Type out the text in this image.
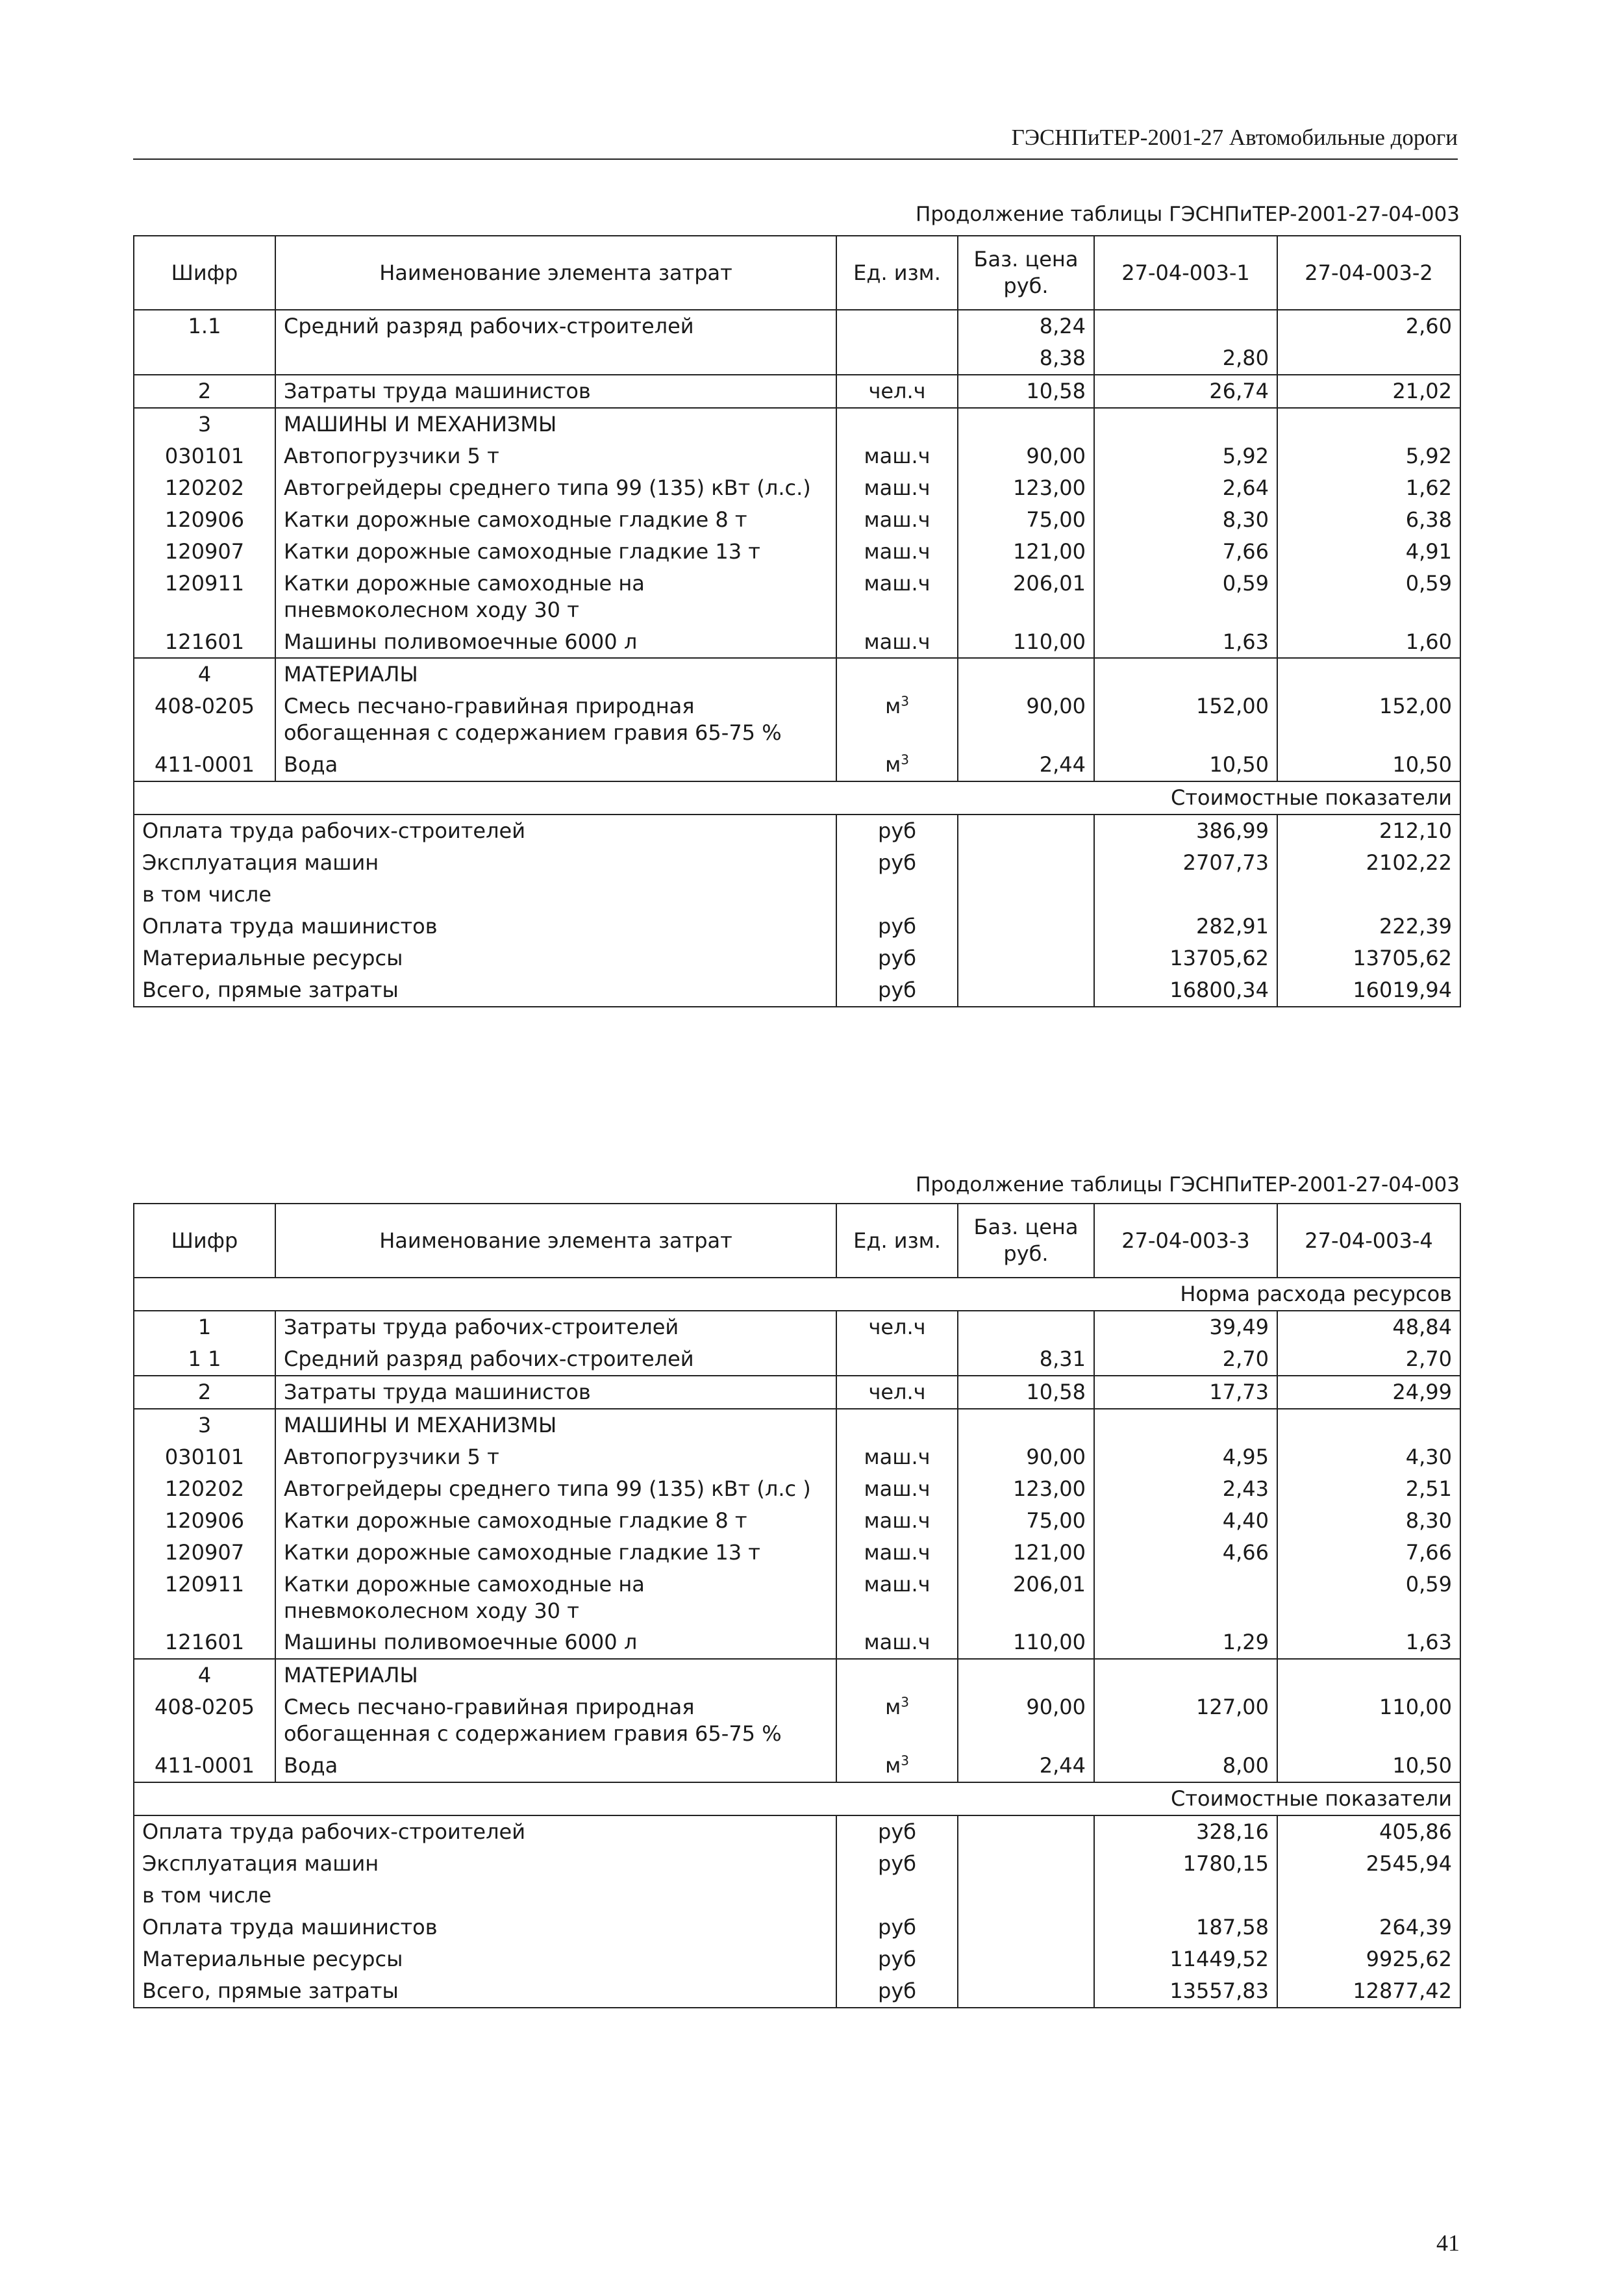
ГЭСНПиТЕР-2001-27 Автомобильные дороги
Продолжение таблицы ГЭСНПиТЕР-2001-27-04-003
Шифр	Наименование элемента затрат	Ед. изм.	Баз. цена руб.	27-04-003-1	27-04-003-2
1.1	Средний разряд рабочих-строителей		8,24		2,60
			8,38	2,80	
2	Затраты труда машинистов	чел.ч	10,58	26,74	21,02
3	МАШИНЫ И МЕХАНИЗМЫ				
030101	Автопогрузчики 5 т	маш.ч	90,00	5,92	5,92
120202	Автогрейдеры среднего типа 99 (135) кВт (л.с.)	маш.ч	123,00	2,64	1,62
120906	Катки дорожные самоходные гладкие 8 т	маш.ч	75,00	8,30	6,38
120907	Катки дорожные самоходные гладкие 13 т	маш.ч	121,00	7,66	4,91
120911	Катки дорожные самоходные на пневмоколесном ходу 30 т	маш.ч	206,01	0,59	0,59
121601	Машины поливомоечные 6000 л	маш.ч	110,00	1,63	1,60
4	МАТЕРИАЛЫ				
408-0205	Смесь песчано-гравийная природная обогащенная с содержанием гравия 65-75 %	$м^3$	90,00	152,00	152,00
411-0001	Вода	$м^3$	2,44	10,50	10,50
Стоимостные показатели					
Оплата труда рабочих-строителей		руб		386,99	212,10
Эксплуатация машин		руб		2707,73	2102,22
в том числе					
Оплата труда машинистов		руб		282,91	222,39
Материальные ресурсы		руб		13705,62	13705,62
Всего, прямые затраты		руб		16800,34	16019,94
Продолжение таблицы ГЭСНПиТЕР-2001-27-04-003
Шифр	Наименование элемента затрат	Ед. изм.	Баз. цена руб.	27-04-003-3	27-04-003-4
Норма расхода ресурсов					
1	Затраты труда рабочих-строителей	чел.ч		39,49	48,84
1 1	Средний разряд рабочих-строителей		8,31	2,70	2,70
2	Затраты труда машинистов	чел.ч	10,58	17,73	24,99
3	МАШИНЫ И МЕХАНИЗМЫ				
030101	Автопогрузчики 5 т	маш.ч	90,00	4,95	4,30
120202	Автогрейдеры среднего типа 99 (135) кВт (л.с )	маш.ч	123,00	2,43	2,51
120906	Катки дорожные самоходные гладкие 8 т	маш.ч	75,00	4,40	8,30
120907	Катки дорожные самоходные гладкие 13 т	маш.ч	121,00	4,66	7,66
120911	Катки дорожные самоходные на пневмоколесном ходу 30 т	маш.ч	206,01		0,59
121601	Машины поливомоечные 6000 л	маш.ч	110,00	1,29	1,63
4	МАТЕРИАЛЫ				
408-0205	Смесь песчано-гравийная природная обогащенная с содержанием гравия 65-75 %	$м^3$	90,00	127,00	110,00
411-0001	Вода	$м^3$	2,44	8,00	10,50
Стоимостные показатели					
Оплата труда рабочих-строителей		руб		328,16	405,86
Эксплуатация машин		руб		1780,15	2545,94
в том числе					
Оплата труда машинистов		руб		187,58	264,39
Материальные ресурсы		руб		11449,52	9925,62
Всего, прямые затраты		руб		13557,83	12877,42
41
